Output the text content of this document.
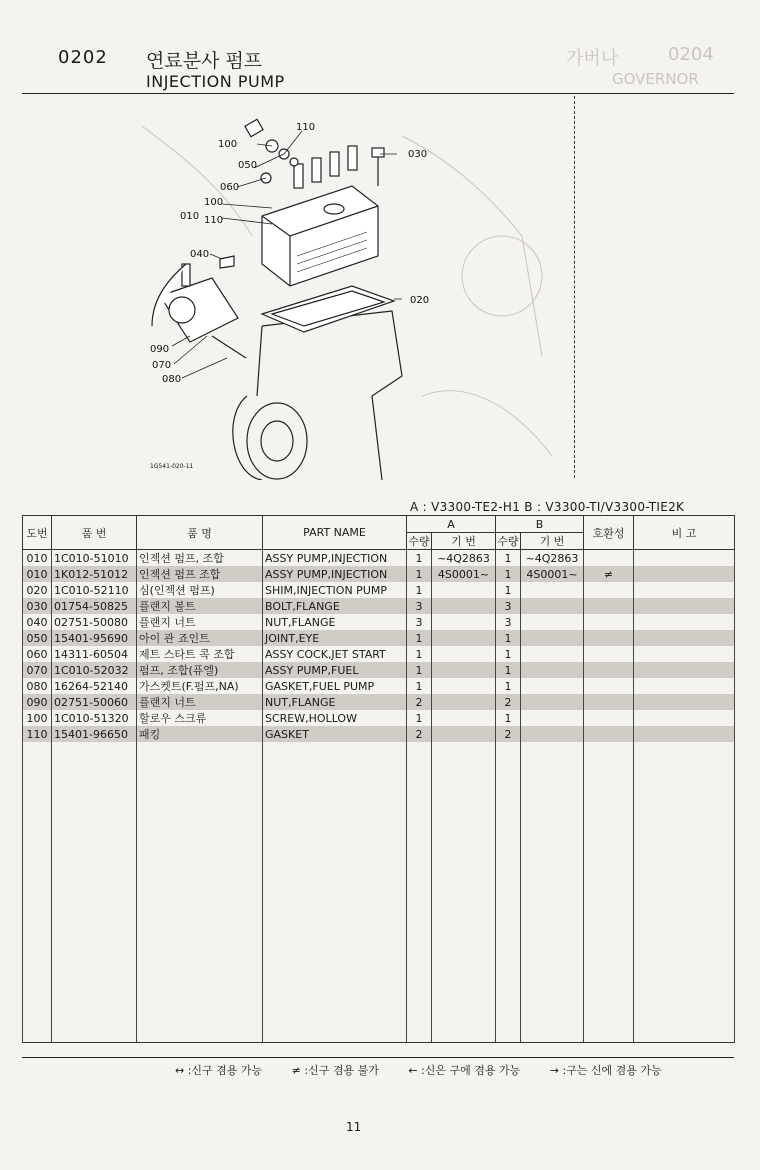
0204
가버나
GOVERNOR
0202 연료분사 펌프
INJECTION PUMP
110
100
050
060
100
010 110
040
030
020
090
070
080
1G541-020-11
A : V3300-TE2-H1 B : V3300-TI/V3300-TIE2K
도번	품 번	품 명	PART NAME	A		B		호환성	비 고
				수량	기 번	수량	기 번		
010	1C010-51010	인젝션 펌프, 조합	ASSY PUMP,INJECTION	1	~4Q2863	1	~4Q2863		
010	1K012-51012	인젝션 펌프 조합	ASSY PUMP,INJECTION	1	4S0001~	1	4S0001~	≠	
020	1C010-52110	심(인젝션 펌프)	SHIM,INJECTION PUMP	1		1			
030	01754-50825	플랜지 볼트	BOLT,FLANGE	3		3			
040	02751-50080	플랜지 너트	NUT,FLANGE	3		3			
050	15401-95690	아이 관 죠인트	JOINT,EYE	1		1			
060	14311-60504	제트 스타트 콕 조합	ASSY COCK,JET START	1		1			
070	1C010-52032	펌프, 조합(퓨엘)	ASSY PUMP,FUEL	1		1			
080	16264-52140	가스켓트(F.펌프,NA)	GASKET,FUEL PUMP	1		1			
090	02751-50060	플랜지 너트	NUT,FLANGE	2		2			
100	1C010-51320	할로우 스크류	SCREW,HOLLOW	1		1			
110	15401-96650	패킹	GASKET	2		2			

↔ :신구 겸용 가능	≠ :신구 겸용 불가	← :신은 구에 겸용 가능	→ :구는 신에 겸용 가능
11
